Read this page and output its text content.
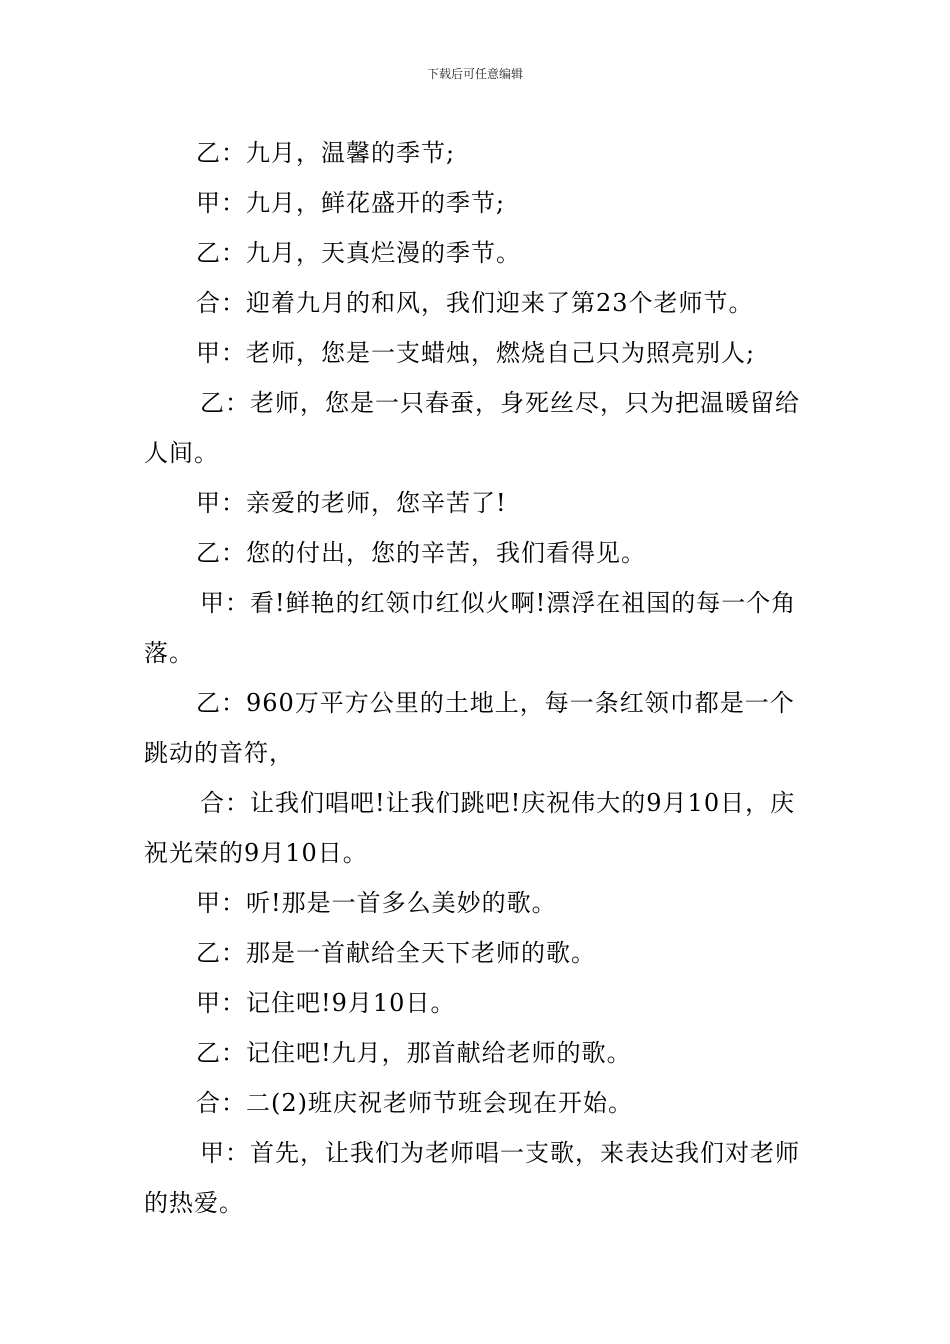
下载后可任意编辑

乙：九月，温馨的季节;

甲：九月，鲜花盛开的季节;

乙：九月，天真烂漫的季节。

合：迎着九月的和风，我们迎来了第23个老师节。

甲：老师，您是一支蜡烛，燃烧自己只为照亮别人;

乙：老师，您是一只春蚕，身死丝尽，只为把温暖留给人间。

甲：亲爱的老师，您辛苦了!

乙：您的付出，您的辛苦，我们看得见。

甲：看!鲜艳的红领巾红似火啊!漂浮在祖国的每一个角落。

乙：960万平方公里的土地上，每一条红领巾都是一个跳动的音符，

合：让我们唱吧!让我们跳吧!庆祝伟大的9月10日，庆祝光荣的9月10日。

甲：听!那是一首多么美妙的歌。

乙：那是一首献给全天下老师的歌。

甲：记住吧!9月10日。

乙：记住吧!九月，那首献给老师的歌。

合：二(2)班庆祝老师节班会现在开始。

甲：首先，让我们为老师唱一支歌，来表达我们对老师的热爱。
